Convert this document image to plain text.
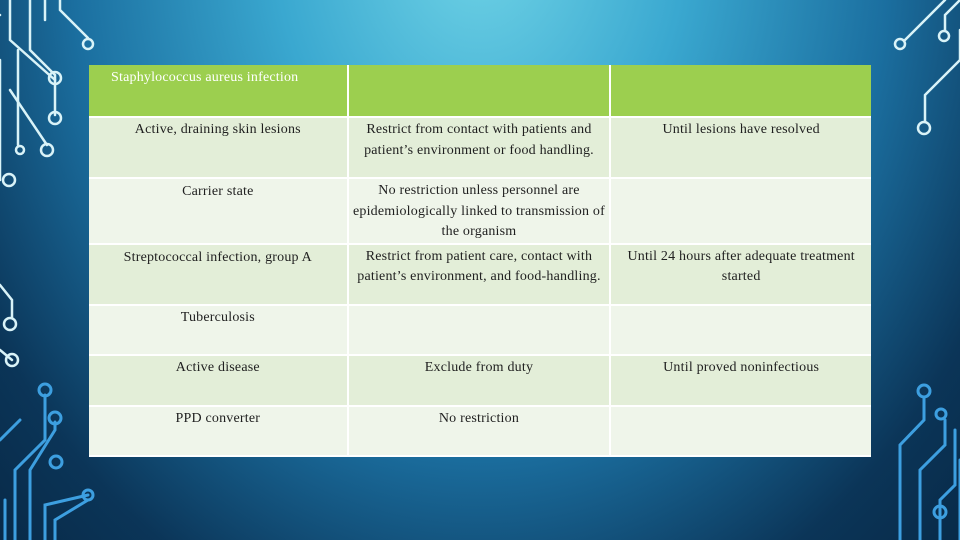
Staphylococcus aureus infection		
Active, draining skin lesions	Restrict from contact with patients and patient’s environment or food handling.	Until lesions have resolved
Carrier state	No restriction unless personnel are epidemiologically linked to transmission of the organism	
Streptococcal infection, group A	Restrict from patient care, contact with patient’s environment, and food-handling.	Until 24 hours after adequate treatment started
Tuberculosis		
Active disease	Exclude from duty	Until proved noninfectious
PPD converter	No restriction	
